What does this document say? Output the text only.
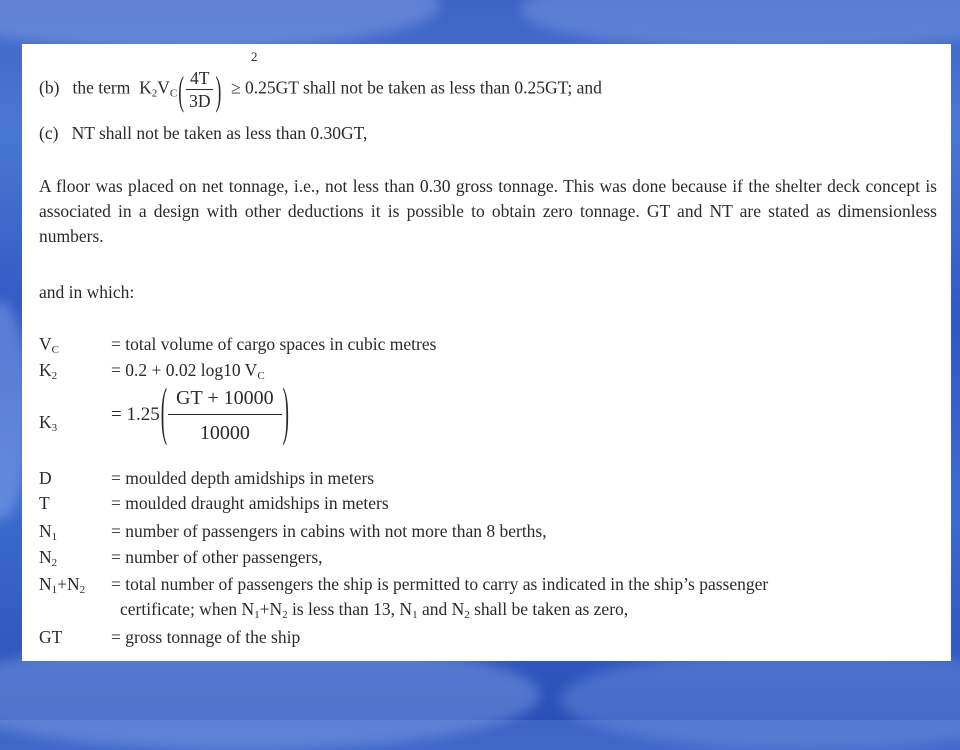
(b) the term $K_2V_C( \frac{4T}{3D}$ ) ≥ 0.25GT shall not be taken as less than 0.25GT; and
2
(c) NT shall not be taken as less than 0.30GT,
A floor was placed on net tonnage, i.e., not less than 0.30 gross tonnage. This was done because if the shelter deck concept is associated in a design with other deductions it is possible to obtain zero tonnage. GT and NT are stated as dimensionless numbers.
and in which:
$V_C$	= total volume of cargo spaces in cubic metres
$K_2$	= 0.2 + 0.02 log10 $V_C$
$K_3$
= 1.25 ( $\frac{GT + 10000}{10000}$ )
D	= moulded depth amidships in meters
T	= moulded draught amidships in meters
$N_1$	= number of passengers in cabins with not more than 8 berths,
$N_2$	= number of other passengers,
$N_1+N_2$ = total number of passengers the ship is permitted to carry as indicated in the ship’s passenger
certificate; when $N_1+N_2$ is less than 13, $N_1$ and $N_2$ shall be taken as zero,
GT	= gross tonnage of the ship
